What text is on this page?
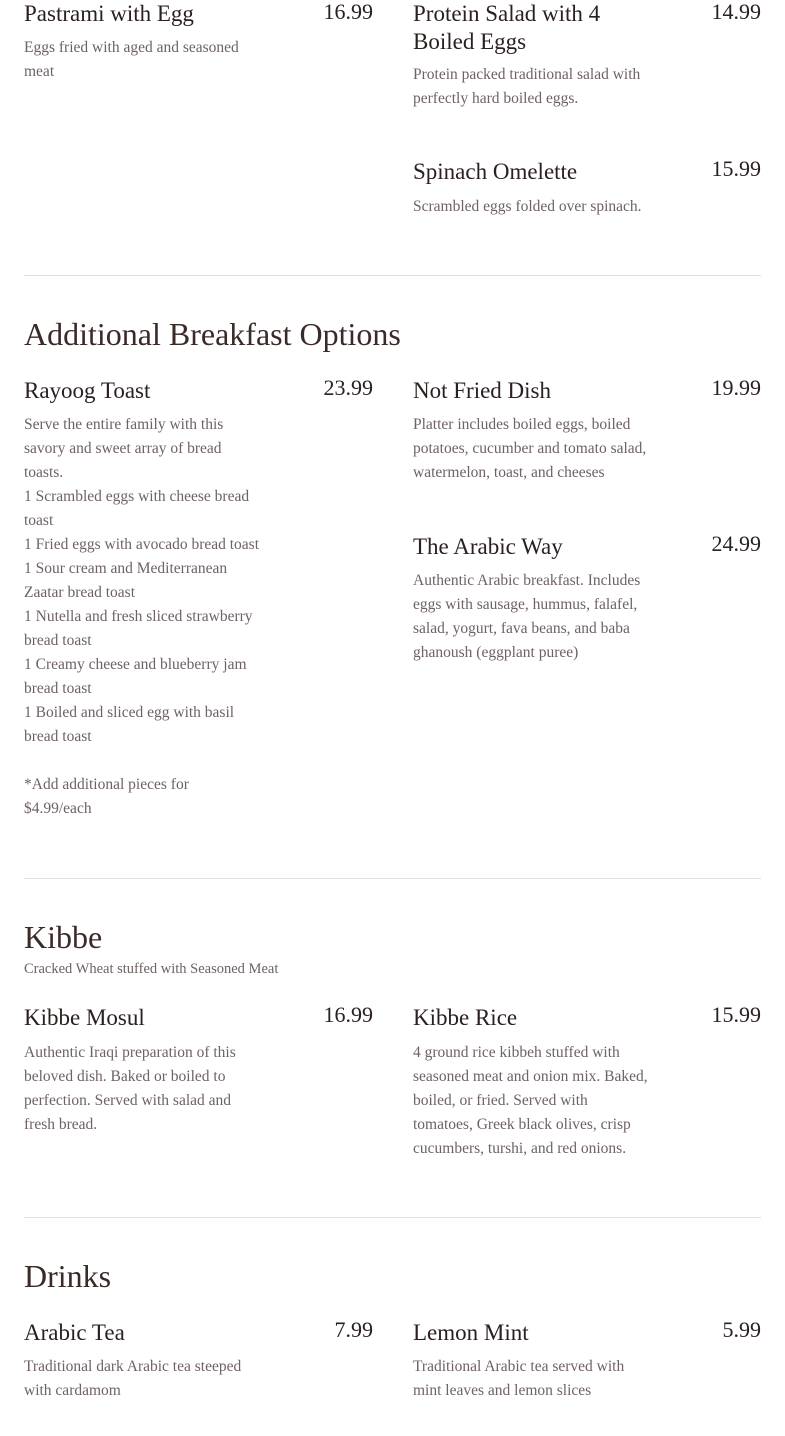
Pastrami with Egg	16.99
Eggs fried with aged and seasoned
meat
Protein Salad with 4 Boiled Eggs
14.99
Protein packed traditional salad with
perfectly hard boiled eggs.
Spinach Omelette	15.99
Scrambled eggs folded over spinach.
Additional Breakfast Options
Rayoog Toast	23.99
Serve the entire family with this
savory and sweet array of bread
toasts.
1 Scrambled eggs with cheese bread
toast
1 Fried eggs with avocado bread toast
1 Sour cream and Mediterranean
Zaatar bread toast
1 Nutella and fresh sliced strawberry
bread toast
1 Creamy cheese and blueberry jam
bread toast
1 Boiled and sliced egg with basil
bread toast
*Add additional pieces for
$4.99/each
Not Fried Dish	19.99
Platter includes boiled eggs, boiled
potatoes, cucumber and tomato salad,
watermelon, toast, and cheeses
The Arabic Way	24.99
Authentic Arabic breakfast. Includes
eggs with sausage, hummus, falafel,
salad, yogurt, fava beans, and baba
ghanoush (eggplant puree)
Kibbe
Cracked Wheat stuffed with Seasoned Meat
Kibbe Mosul	16.99
Authentic Iraqi preparation of this
beloved dish. Baked or boiled to
perfection. Served with salad and
fresh bread.
Kibbe Rice	15.99
4 ground rice kibbeh stuffed with
seasoned meat and onion mix. Baked,
boiled, or fried. Served with
tomatoes, Greek black olives, crisp
cucumbers, turshi, and red onions.
Drinks
Arabic Tea	7.99
Traditional dark Arabic tea steeped
with cardamom
Lemon Mint	5.99
Traditional Arabic tea served with
mint leaves and lemon slices
